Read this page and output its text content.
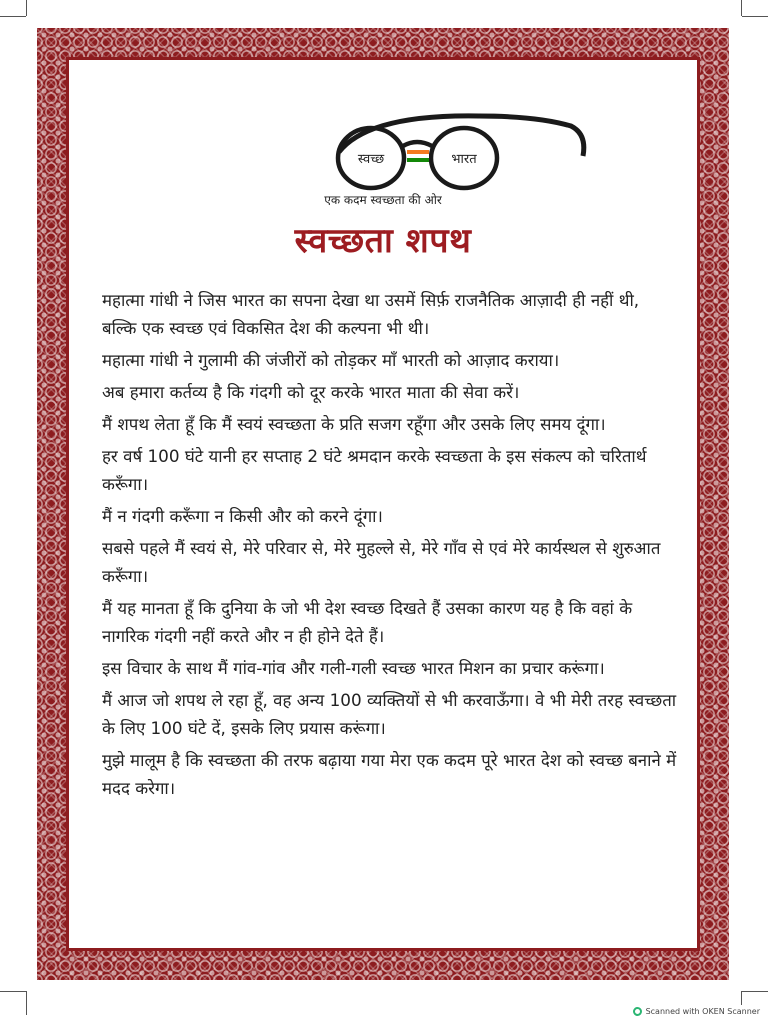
स्वच्छ	भारत
एक कदम स्वच्छता की ओर
स्वच्छता शपथ

महात्मा गांधी ने जिस भारत का सपना देखा था उसमें सिर्फ़ राजनैतिक आज़ादी ही नहीं थी, बल्कि एक स्वच्छ एवं विकसित देश की कल्पना भी थी।

महात्मा गांधी ने गुलामी की जंजीरों को तोड़कर माँ भारती को आज़ाद कराया।

अब हमारा कर्तव्य है कि गंदगी को दूर करके भारत माता की सेवा करें।

मैं शपथ लेता हूँ कि मैं स्वयं स्वच्छता के प्रति सजग रहूँगा और उसके लिए समय दूंगा।

हर वर्ष 100 घंटे यानी हर सप्ताह 2 घंटे श्रमदान करके स्वच्छता के इस संकल्प को चरितार्थ करूँगा।

मैं न गंदगी करूँगा न किसी और को करने दूंगा।

सबसे पहले मैं स्वयं से, मेरे परिवार से, मेरे मुहल्ले से, मेरे गाँव से एवं मेरे कार्यस्थल से शुरुआत करूँगा।

मैं यह मानता हूँ कि दुनिया के जो भी देश स्वच्छ दिखते हैं उसका कारण यह है कि वहां के नागरिक गंदगी नहीं करते और न ही होने देते हैं।

इस विचार के साथ मैं गांव-गांव और गली-गली स्वच्छ भारत मिशन का प्रचार करूंगा।

मैं आज जो शपथ ले रहा हूँ, वह अन्य 100 व्यक्तियों से भी करवाऊँगा। वे भी मेरी तरह स्वच्छता के लिए 100 घंटे दें, इसके लिए प्रयास करूंगा।

मुझे मालूम है कि स्वच्छता की तरफ बढ़ाया गया मेरा एक कदम पूरे भारत देश को स्वच्छ बनाने में मदद करेगा।

Scanned with OKEN Scanner
